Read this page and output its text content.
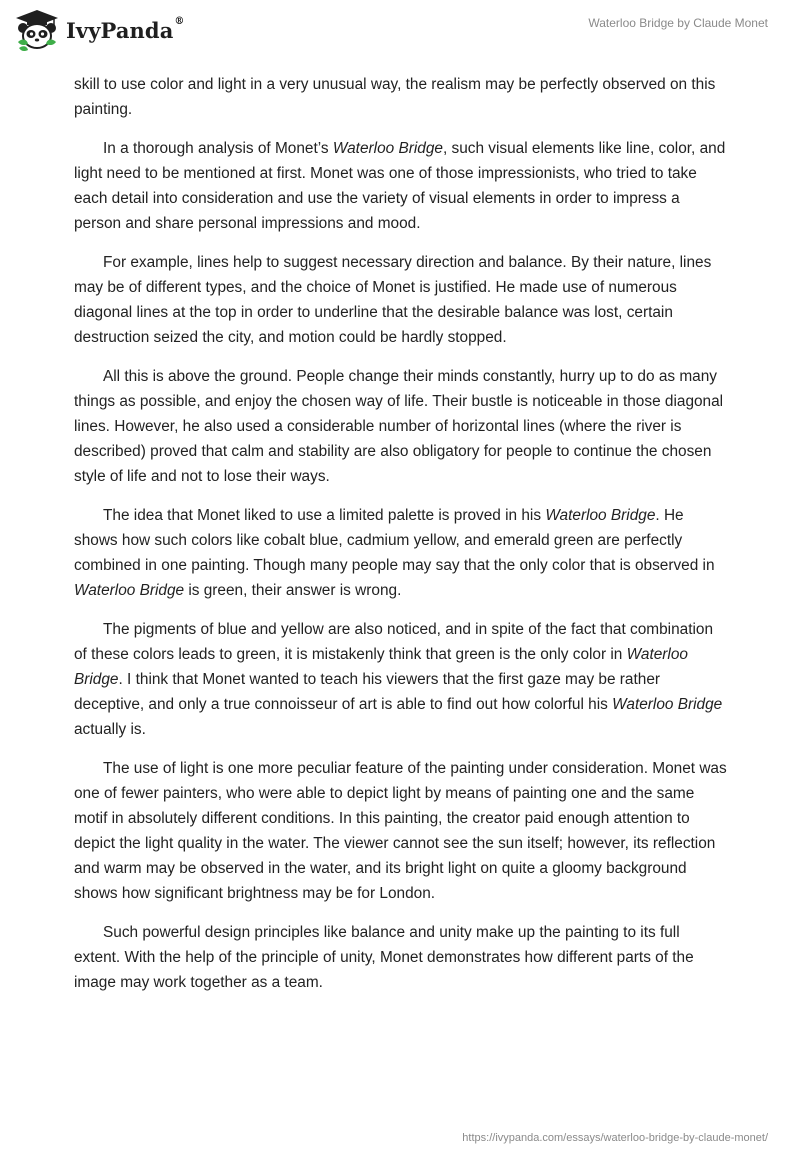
IvyPanda®	Waterloo Bridge by Claude Monet

skill to use color and light in a very unusual way, the realism may be perfectly observed on this painting.

In a thorough analysis of Monet’s Waterloo Bridge, such visual elements like line, color, and light need to be mentioned at first. Monet was one of those impressionists, who tried to take each detail into consideration and use the variety of visual elements in order to impress a person and share personal impressions and mood.

For example, lines help to suggest necessary direction and balance. By their nature, lines may be of different types, and the choice of Monet is justified. He made use of numerous diagonal lines at the top in order to underline that the desirable balance was lost, certain destruction seized the city, and motion could be hardly stopped.

All this is above the ground. People change their minds constantly, hurry up to do as many things as possible, and enjoy the chosen way of life. Their bustle is noticeable in those diagonal lines. However, he also used a considerable number of horizontal lines (where the river is described) proved that calm and stability are also obligatory for people to continue the chosen style of life and not to lose their ways.

The idea that Monet liked to use a limited palette is proved in his Waterloo Bridge. He shows how such colors like cobalt blue, cadmium yellow, and emerald green are perfectly combined in one painting. Though many people may say that the only color that is observed in Waterloo Bridge is green, their answer is wrong.

The pigments of blue and yellow are also noticed, and in spite of the fact that combination of these colors leads to green, it is mistakenly think that green is the only color in Waterloo Bridge. I think that Monet wanted to teach his viewers that the first gaze may be rather deceptive, and only a true connoisseur of art is able to find out how colorful his Waterloo Bridge actually is.

The use of light is one more peculiar feature of the painting under consideration. Monet was one of fewer painters, who were able to depict light by means of painting one and the same motif in absolutely different conditions. In this painting, the creator paid enough attention to depict the light quality in the water. The viewer cannot see the sun itself; however, its reflection and warm may be observed in the water, and its bright light on quite a gloomy background shows how significant brightness may be for London.

Such powerful design principles like balance and unity make up the painting to its full extent. With the help of the principle of unity, Monet demonstrates how different parts of the image may work together as a team.

https://ivypanda.com/essays/waterloo-bridge-by-claude-monet/
